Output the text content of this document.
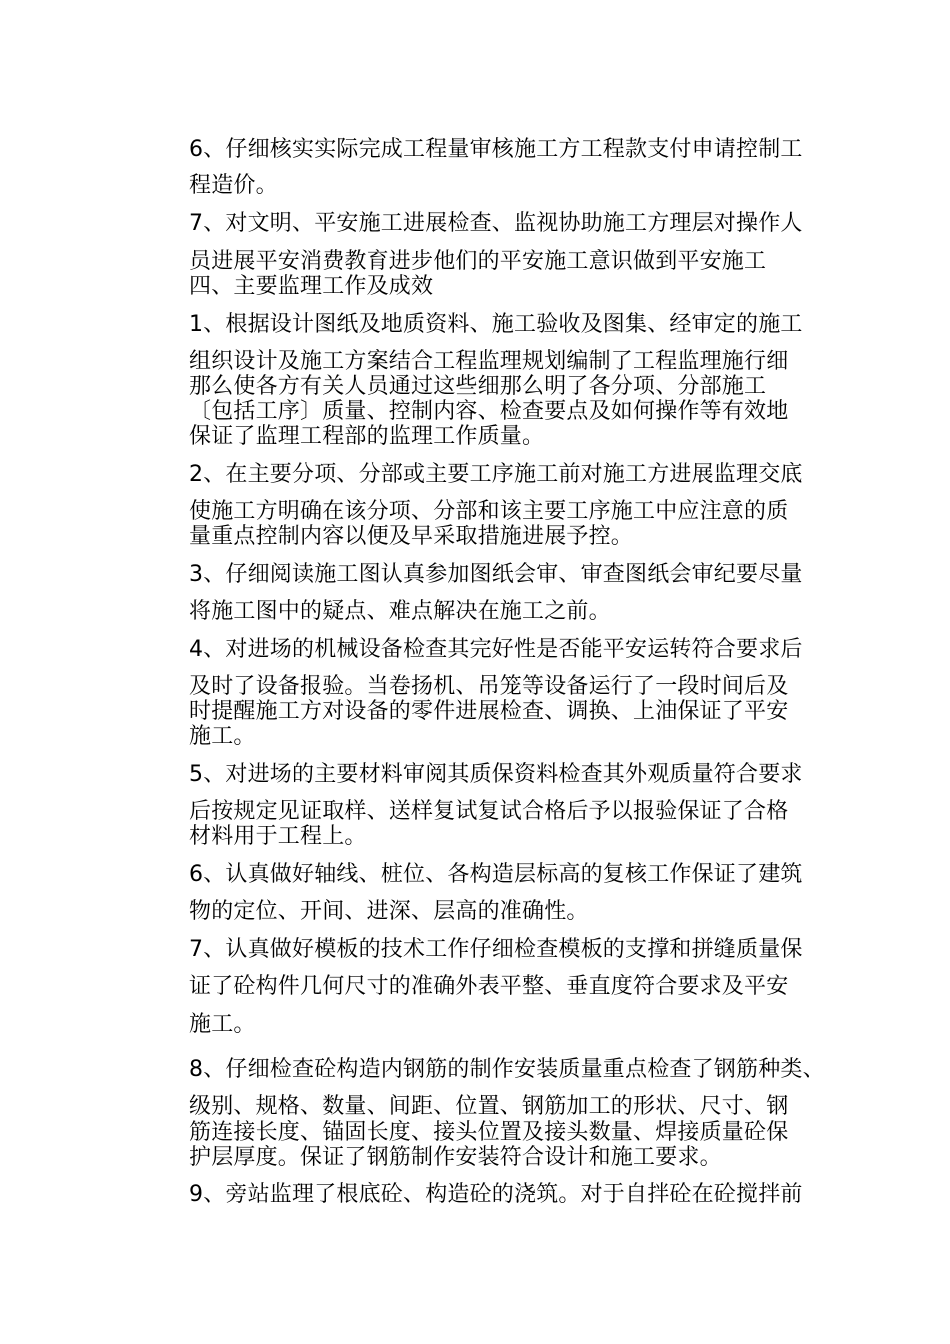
6、仔细核实实际完成工程量审核施工方工程款支付申请控制工

程造价。

7、对文明、平安施工进展检查、监视协助施工方理层对操作人

员进展平安消费教育进步他们的平安施工意识做到平安施工

四、主要监理工作及成效

1、根据设计图纸及地质资料、施工验收及图集、经审定的施工

组织设计及施工方案结合工程监理规划编制了工程监理施行细

那么使各方有关人员通过这些细那么明了各分项、分部施工

〔包括工序〕质量、控制内容、检查要点及如何操作等有效地

保证了监理工程部的监理工作质量。

2、在主要分项、分部或主要工序施工前对施工方进展监理交底

使施工方明确在该分项、分部和该主要工序施工中应注意的质

量重点控制内容以便及早采取措施进展予控。

3、仔细阅读施工图认真参加图纸会审、审查图纸会审纪要尽量

将施工图中的疑点、难点解决在施工之前。

4、对进场的机械设备检查其完好性是否能平安运转符合要求后

及时了设备报验。当卷扬机、吊笼等设备运行了一段时间后及

时提醒施工方对设备的零件进展检查、调换、上油保证了平安

施工。

5、对进场的主要材料审阅其质保资料检查其外观质量符合要求

后按规定见证取样、送样复试复试合格后予以报验保证了合格

材料用于工程上。

6、认真做好轴线、桩位、各构造层标高的复核工作保证了建筑

物的定位、开间、进深、层高的准确性。

7、认真做好模板的技术工作仔细检查模板的支撑和拼缝质量保

证了砼构件几何尺寸的准确外表平整、垂直度符合要求及平安

施工。

8、仔细检查砼构造内钢筋的制作安装质量重点检查了钢筋种类、

级别、规格、数量、间距、位置、钢筋加工的形状、尺寸、钢

筋连接长度、锚固长度、接头位置及接头数量、焊接质量砼保

护层厚度。保证了钢筋制作安装符合设计和施工要求。

9、旁站监理了根底砼、构造砼的浇筑。对于自拌砼在砼搅拌前
